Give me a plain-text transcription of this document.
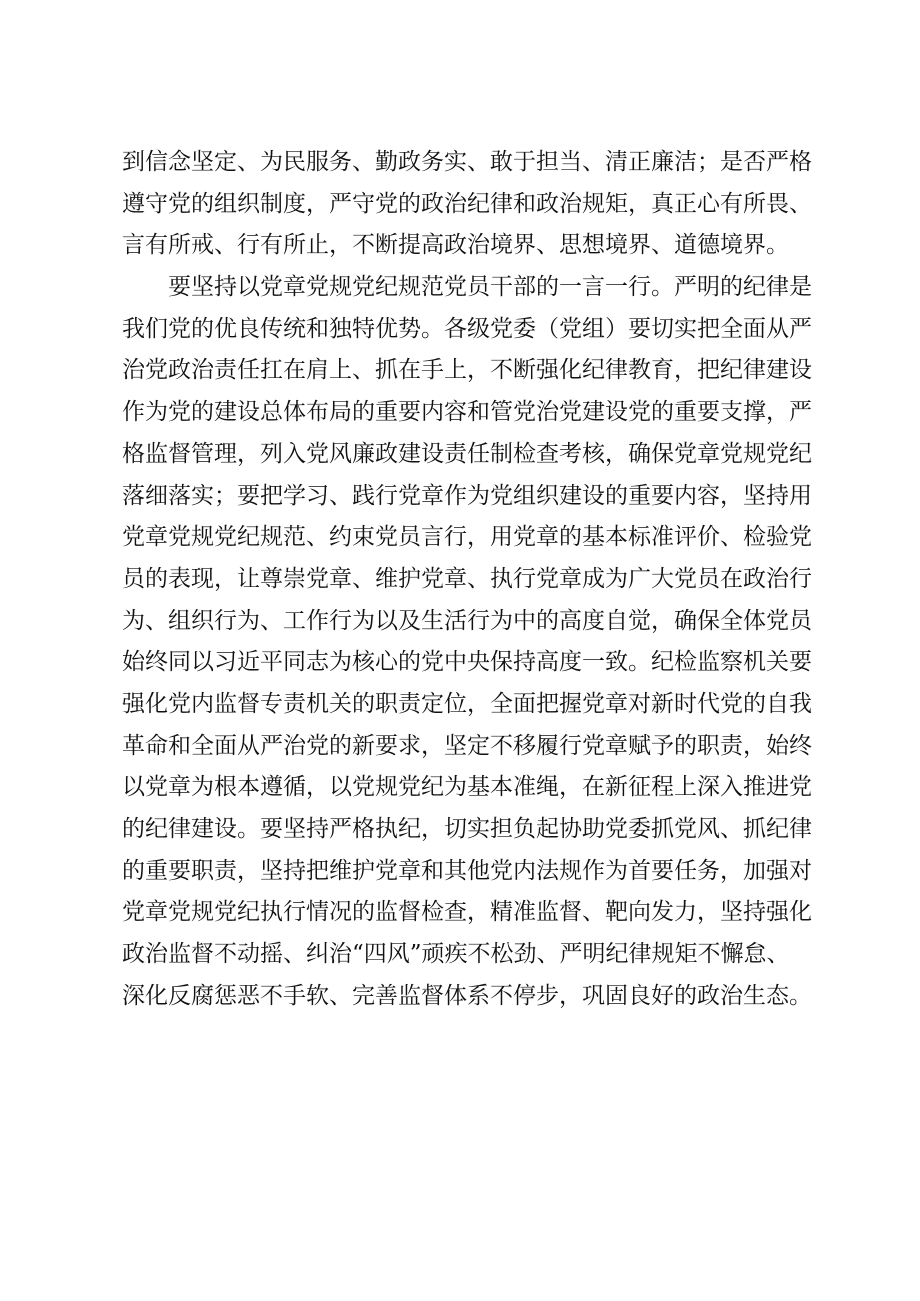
到信念坚定、为民服务、勤政务实、敢于担当、清正廉洁；是否严格
遵守党的组织制度，严守党的政治纪律和政治规矩，真正心有所畏、
言有所戒、行有所止，不断提高政治境界、思想境界、道德境界。
要坚持以党章党规党纪规范党员干部的一言一行。严明的纪律是
我们党的优良传统和独特优势。各级党委（党组）要切实把全面从严
治党政治责任扛在肩上、抓在手上，不断强化纪律教育，把纪律建设
作为党的建设总体布局的重要内容和管党治党建设党的重要支撑，严
格监督管理，列入党风廉政建设责任制检查考核，确保党章党规党纪
落细落实；要把学习、践行党章作为党组织建设的重要内容，坚持用
党章党规党纪规范、约束党员言行，用党章的基本标准评价、检验党
员的表现，让尊崇党章、维护党章、执行党章成为广大党员在政治行
为、组织行为、工作行为以及生活行为中的高度自觉，确保全体党员
始终同以习近平同志为核心的党中央保持高度一致。纪检监察机关要
强化党内监督专责机关的职责定位，全面把握党章对新时代党的自我
革命和全面从严治党的新要求，坚定不移履行党章赋予的职责，始终
以党章为根本遵循，以党规党纪为基本准绳，在新征程上深入推进党
的纪律建设。要坚持严格执纪，切实担负起协助党委抓党风、抓纪律
的重要职责，坚持把维护党章和其他党内法规作为首要任务，加强对
党章党规党纪执行情况的监督检查，精准监督、靶向发力，坚持强化
政治监督不动摇、纠治“四风”顽疾不松劲、严明纪律规矩不懈怠、
深化反腐惩恶不手软、完善监督体系不停步，巩固良好的政治生态。
